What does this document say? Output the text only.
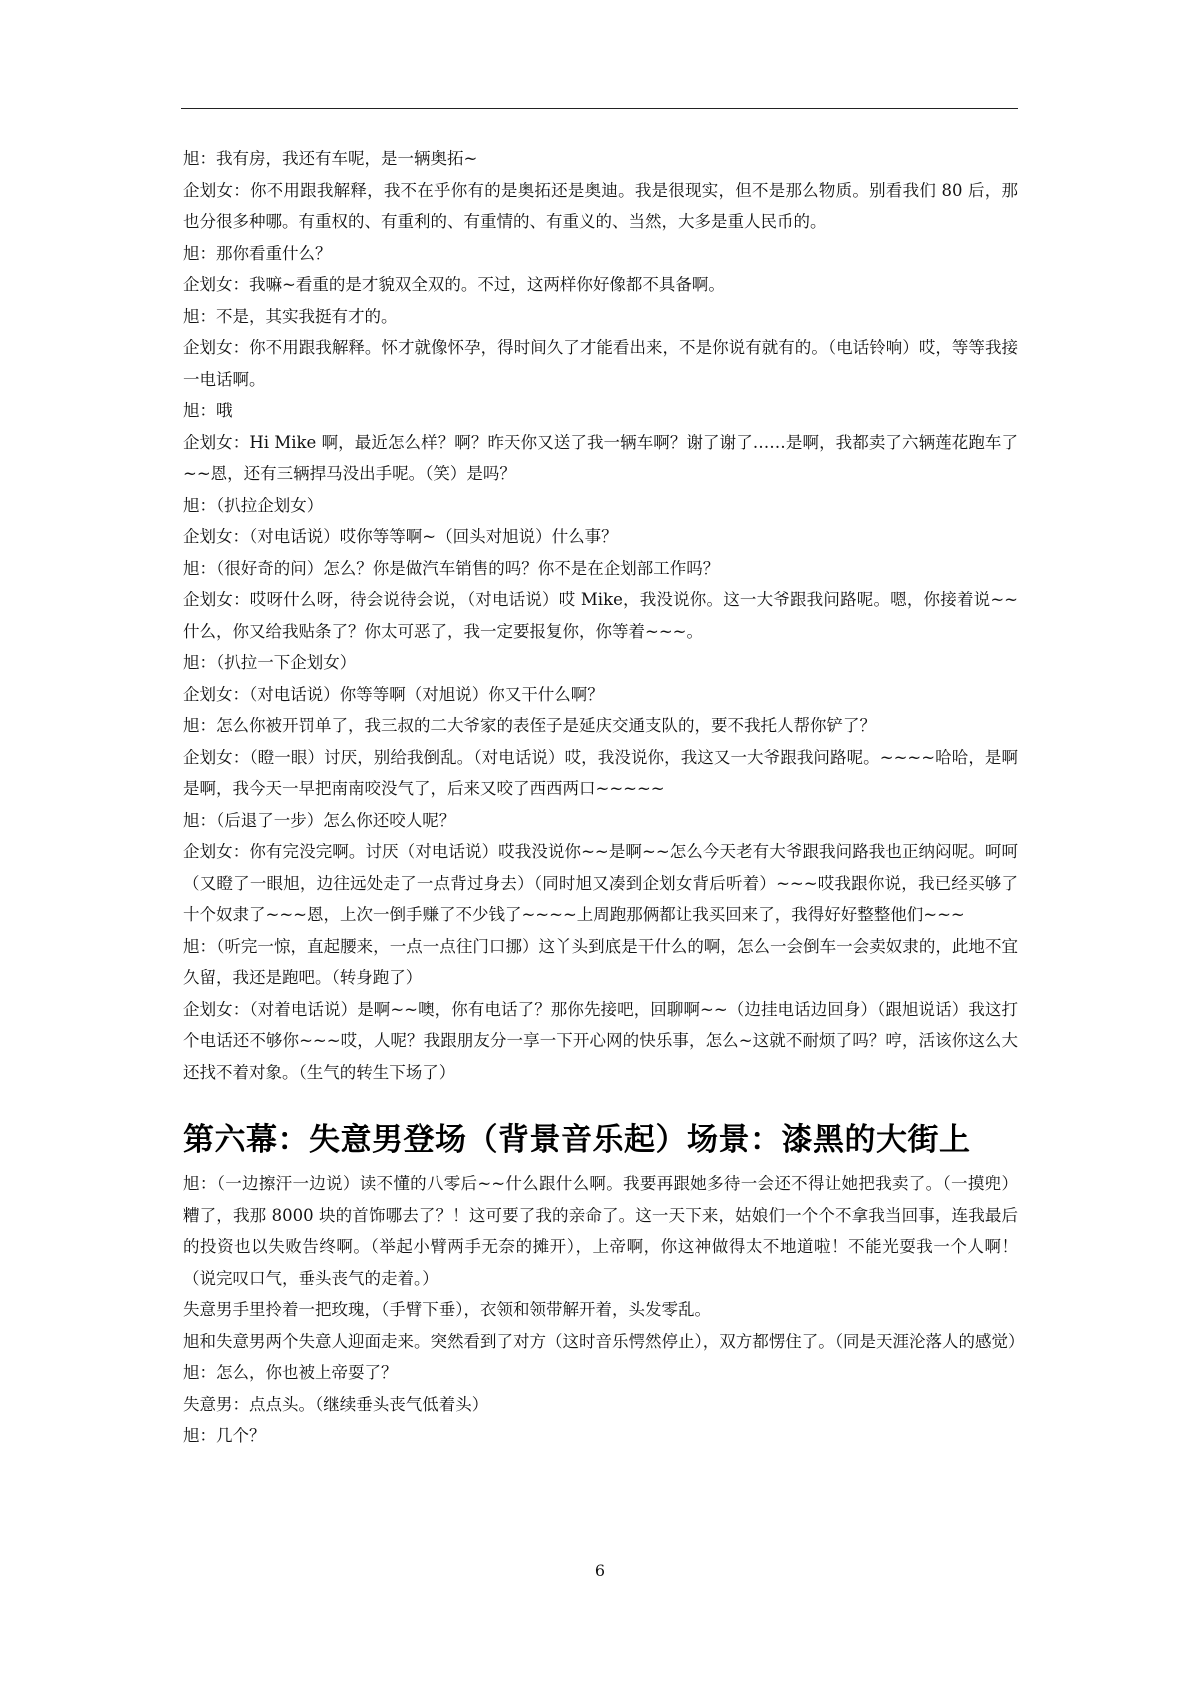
旭：我有房，我还有车呢，是一辆奥拓~

企划女：你不用跟我解释，我不在乎你有的是奥拓还是奥迪。我是很现实，但不是那么物质。别看我们 80 后，那也分很多种哪。有重权的、有重利的、有重情的、有重义的、当然，大多是重人民币的。

旭：那你看重什么？

企划女：我嘛~看重的是才貌双全双的。不过，这两样你好像都不具备啊。

旭：不是，其实我挺有才的。

企划女：你不用跟我解释。怀才就像怀孕，得时间久了才能看出来，不是你说有就有的。（电话铃响）哎，等等我接一电话啊。

旭：哦

企划女：Hi Mike 啊，最近怎么样？啊？昨天你又送了我一辆车啊？谢了谢了……是啊，我都卖了六辆莲花跑车了~~恩，还有三辆捍马没出手呢。（笑）是吗？

旭：（扒拉企划女）

企划女：（对电话说）哎你等等啊~（回头对旭说）什么事？

旭：（很好奇的问）怎么？你是做汽车销售的吗？你不是在企划部工作吗？

企划女：哎呀什么呀，待会说待会说，（对电话说）哎 Mike，我没说你。这一大爷跟我问路呢。嗯，你接着说~~什么，你又给我贴条了？你太可恶了，我一定要报复你，你等着~~~。

旭：（扒拉一下企划女）

企划女：（对电话说）你等等啊（对旭说）你又干什么啊？

旭：怎么你被开罚单了，我三叔的二大爷家的表侄子是延庆交通支队的，要不我托人帮你铲了？

企划女：（瞪一眼）讨厌，别给我倒乱。（对电话说）哎，我没说你，我这又一大爷跟我问路呢。~~~~哈哈，是啊是啊，我今天一早把南南咬没气了，后来又咬了西西两口~~~~~

旭：（后退了一步）怎么你还咬人呢？

企划女：你有完没完啊。讨厌（对电话说）哎我没说你~~是啊~~怎么今天老有大爷跟我问路我也正纳闷呢。呵呵（又瞪了一眼旭，边往远处走了一点背过身去）（同时旭又凑到企划女背后听着）~~~哎我跟你说，我已经买够了十个奴隶了~~~恩，上次一倒手赚了不少钱了~~~~上周跑那俩都让我买回来了，我得好好整整他们~~~

旭：（听完一惊，直起腰来，一点一点往门口挪）这丫头到底是干什么的啊，怎么一会倒车一会卖奴隶的，此地不宜久留，我还是跑吧。（转身跑了）

企划女：（对着电话说）是啊~~噢，你有电话了？那你先接吧，回聊啊~~（边挂电话边回身）（跟旭说话）我这打个电话还不够你~~~哎，人呢？我跟朋友分一享一下开心网的快乐事，怎么~这就不耐烦了吗？哼，活该你这么大还找不着对象。（生气的转生下场了）

第六幕：失意男登场（背景音乐起）场景：漆黑的大街上

旭：（一边擦汗一边说）读不懂的八零后~~什么跟什么啊。我要再跟她多待一会还不得让她把我卖了。（一摸兜）糟了，我那 8000 块的首饰哪去了？！这可要了我的亲命了。这一天下来，姑娘们一个个不拿我当回事，连我最后的投资也以失败告终啊。（举起小臂两手无奈的摊开），上帝啊，你这神做得太不地道啦！不能光耍我一个人啊！（说完叹口气，垂头丧气的走着。）

失意男手里拎着一把玫瑰，（手臂下垂），衣领和领带解开着，头发零乱。

旭和失意男两个失意人迎面走来。突然看到了对方（这时音乐愕然停止），双方都愣住了。（同是天涯沦落人的感觉）

旭：怎么，你也被上帝耍了？

失意男：点点头。（继续垂头丧气低着头）

旭：几个？

6
